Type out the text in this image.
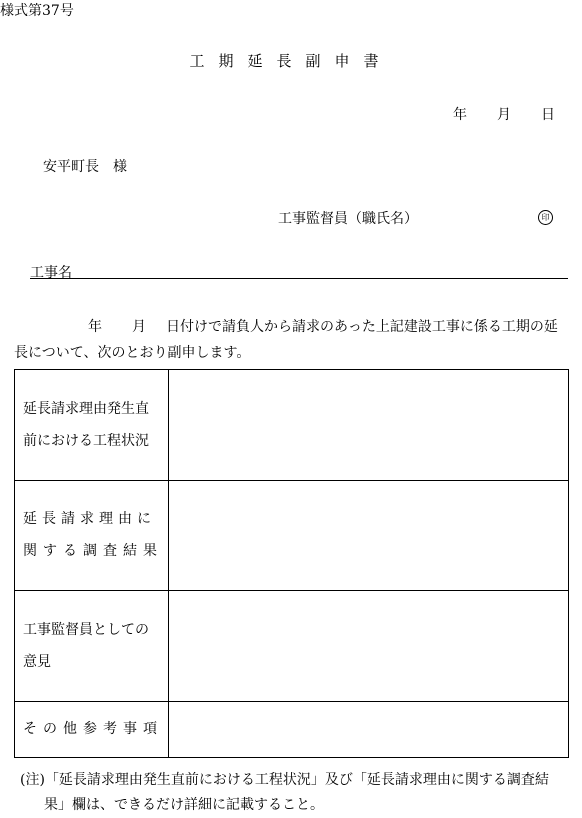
様式第37号
工期延長副申書
年 月 日
安平町長　様
工事監督員（職氏名）	印
工事名
年 月 日付けで請負人から請求のあった上記建設工事に係る工期の延
長について、次のとおり副申します。
延長請求理由発生直
前における工程状況	

延長請求理由に
関する調査結果	

工事監督員としての
意見	

その他参考事項	

(注)「延長請求理由発生直前における工程状況」及び「延長請求理由に関する調査結
果」欄は、できるだけ詳細に記載すること。
